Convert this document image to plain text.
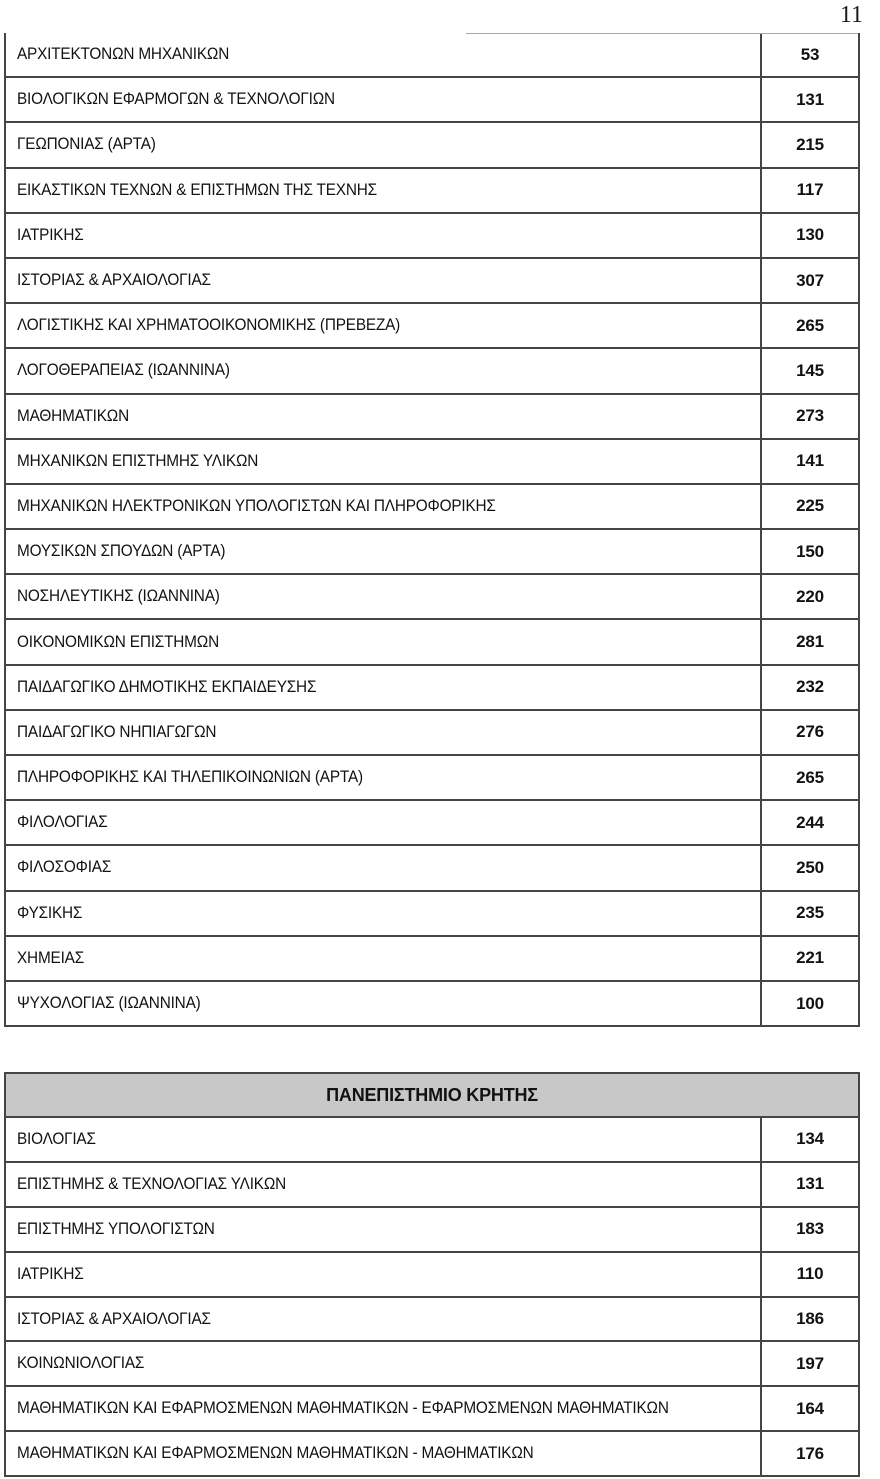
11
ΑΡΧΙΤΕΚΤΟΝΩΝ ΜΗΧΑΝΙΚΩΝ	53
ΒΙΟΛΟΓΙΚΩΝ ΕΦΑΡΜΟΓΩΝ & ΤΕΧΝΟΛΟΓΙΩΝ	131
ΓΕΩΠΟΝΙΑΣ (ΑΡΤΑ)	215
ΕΙΚΑΣΤΙΚΩΝ ΤΕΧΝΩΝ & ΕΠΙΣΤΗΜΩΝ ΤΗΣ ΤΕΧΝΗΣ	117
ΙΑΤΡΙΚΗΣ	130
ΙΣΤΟΡΙΑΣ & ΑΡΧΑΙΟΛΟΓΙΑΣ	307
ΛΟΓΙΣΤΙΚΗΣ ΚΑΙ ΧΡΗΜΑΤΟΟΙΚΟΝΟΜΙΚΗΣ (ΠΡΕΒΕΖΑ)	265
ΛΟΓΟΘΕΡΑΠΕΙΑΣ (ΙΩΑΝΝΙΝΑ)	145
ΜΑΘΗΜΑΤΙΚΩΝ	273
ΜΗΧΑΝΙΚΩΝ ΕΠΙΣΤΗΜΗΣ ΥΛΙΚΩΝ	141
ΜΗΧΑΝΙΚΩΝ ΗΛΕΚΤΡΟΝΙΚΩΝ ΥΠΟΛΟΓΙΣΤΩΝ ΚΑΙ ΠΛΗΡΟΦΟΡΙΚΗΣ	225
ΜΟΥΣΙΚΩΝ ΣΠΟΥΔΩΝ (ΑΡΤΑ)	150
ΝΟΣΗΛΕΥΤΙΚΗΣ (ΙΩΑΝΝΙΝΑ)	220
ΟΙΚΟΝΟΜΙΚΩΝ ΕΠΙΣΤΗΜΩΝ	281
ΠΑΙΔΑΓΩΓΙΚΟ ΔΗΜΟΤΙΚΗΣ ΕΚΠΑΙΔΕΥΣΗΣ	232
ΠΑΙΔΑΓΩΓΙΚΟ ΝΗΠΙΑΓΩΓΩΝ	276
ΠΛΗΡΟΦΟΡΙΚΗΣ ΚΑΙ ΤΗΛΕΠΙΚΟΙΝΩΝΙΩΝ (ΑΡΤΑ)	265
ΦΙΛΟΛΟΓΙΑΣ	244
ΦΙΛΟΣΟΦΙΑΣ	250
ΦΥΣΙΚΗΣ	235
ΧΗΜΕΙΑΣ	221
ΨΥΧΟΛΟΓΙΑΣ (ΙΩΑΝΝΙΝΑ)	100
ΠΑΝΕΠΙΣΤΗΜΙΟ ΚΡΗΤΗΣ
ΒΙΟΛΟΓΙΑΣ	134
ΕΠΙΣΤΗΜΗΣ & ΤΕΧΝΟΛΟΓΙΑΣ ΥΛΙΚΩΝ	131
ΕΠΙΣΤΗΜΗΣ ΥΠΟΛΟΓΙΣΤΩΝ	183
ΙΑΤΡΙΚΗΣ	110
ΙΣΤΟΡΙΑΣ & ΑΡΧΑΙΟΛΟΓΙΑΣ	186
ΚΟΙΝΩΝΙΟΛΟΓΙΑΣ	197
ΜΑΘΗΜΑΤΙΚΩΝ ΚΑΙ ΕΦΑΡΜΟΣΜΕΝΩΝ ΜΑΘΗΜΑΤΙΚΩΝ - ΕΦΑΡΜΟΣΜΕΝΩΝ ΜΑΘΗΜΑΤΙΚΩΝ	164
ΜΑΘΗΜΑΤΙΚΩΝ ΚΑΙ ΕΦΑΡΜΟΣΜΕΝΩΝ ΜΑΘΗΜΑΤΙΚΩΝ - ΜΑΘΗΜΑΤΙΚΩΝ	176
